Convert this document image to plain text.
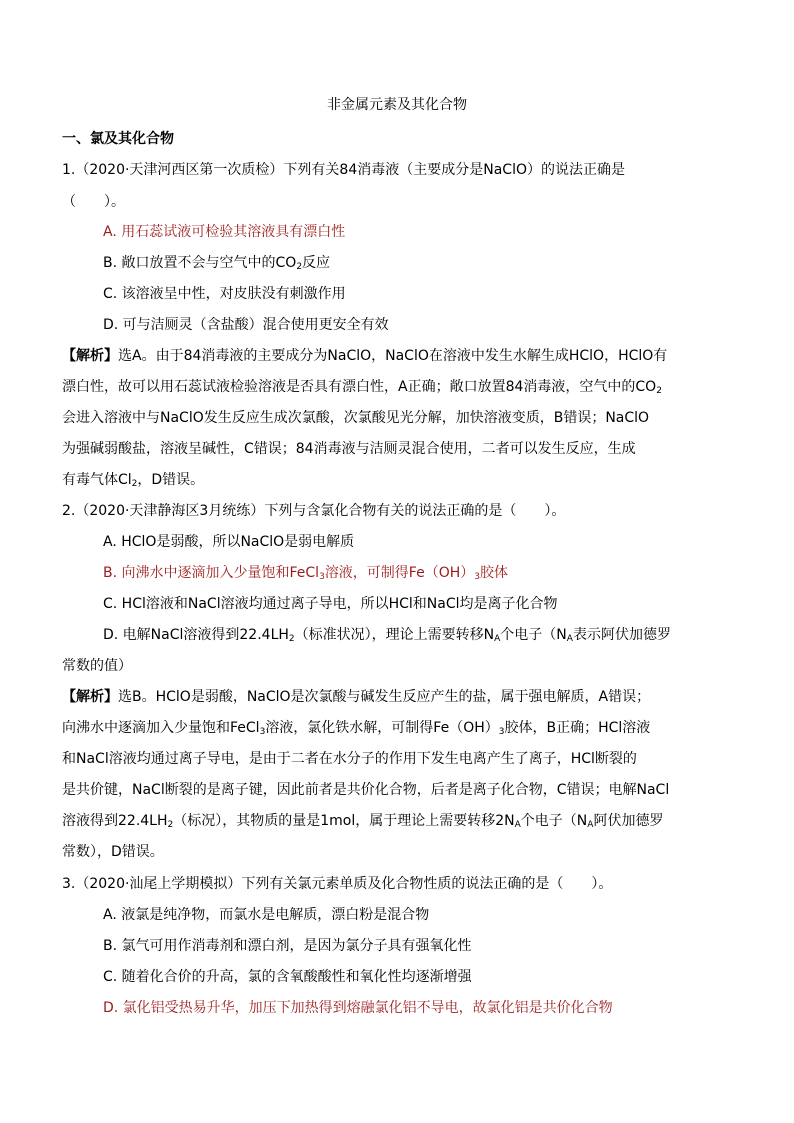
非金属元素及其化合物
一、氯及其化合物
1.（2020·天津河西区第一次质检）下列有关84消毒液（主要成分是NaClO）的说法正确是
（　　）。
A. 用石蕊试液可检验其溶液具有漂白性
B. 敞口放置不会与空气中的$CO_2$反应
C. 该溶液呈中性，对皮肤没有刺激作用
D. 可与洁厕灵（含盐酸）混合使用更安全有效
【解析】选A。由于84消毒液的主要成分为NaClO，NaClO在溶液中发生水解生成HClO，HClO有
漂白性，故可以用石蕊试液检验溶液是否具有漂白性，A正确；敞口放置84消毒液，空气中的$CO_2$
会进入溶液中与NaClO发生反应生成次氯酸，次氯酸见光分解，加快溶液变质，B错误；NaClO
为强碱弱酸盐，溶液呈碱性，C错误；84消毒液与洁厕灵混合使用，二者可以发生反应，生成
有毒气体$Cl_2$，D错误。
2.（2020·天津静海区3月统练）下列与含氯化合物有关的说法正确的是（　　）。
A. HClO是弱酸，所以NaClO是弱电解质
B. 向沸水中逐滴加入少量饱和FeCl$_3$溶液，可制得$Fe(OH)_3$胶体
C. HCl溶液和NaCl溶液均通过离子导电，所以HCl和NaCl均是离子化合物
D. 电解NaCl溶液得到$22.4LH_2$（标准状况），理论上需要转移$N_A$个电子（$N_A$表示阿伏加德罗
常数的值）
【解析】选B。HClO是弱酸，NaClO是次氯酸与碱发生反应产生的盐，属于强电解质，A错误；
向沸水中逐滴加入少量饱和FeCl$_3$溶液，氯化铁水解，可制得$Fe(OH)_3$胶体，B正确；HCl溶液
和NaCl溶液均通过离子导电，是由于二者在水分子的作用下发生电离产生了离子，HCl断裂的
是共价键，NaCl断裂的是离子键，因此前者是共价化合物，后者是离子化合物，C错误；电解NaCl
溶液得到$22.4LH_2$（标况），其物质的量是1mol，属于理论上需要转移$2N_A$个电子（$N_A$阿伏加德罗
常数），D错误。
3.（2020·汕尾上学期模拟）下列有关氯元素单质及化合物性质的说法正确的是（　　）。
A. 液氯是纯净物，而氯水是电解质，漂白粉是混合物
B. 氯气可用作消毒剂和漂白剂，是因为氯分子具有强氧化性
C. 随着化合价的升高，氯的含氧酸酸性和氧化性均逐渐增强
D. 氯化铝受热易升华，加压下加热得到熔融氯化铝不导电，故氯化铝是共价化合物
